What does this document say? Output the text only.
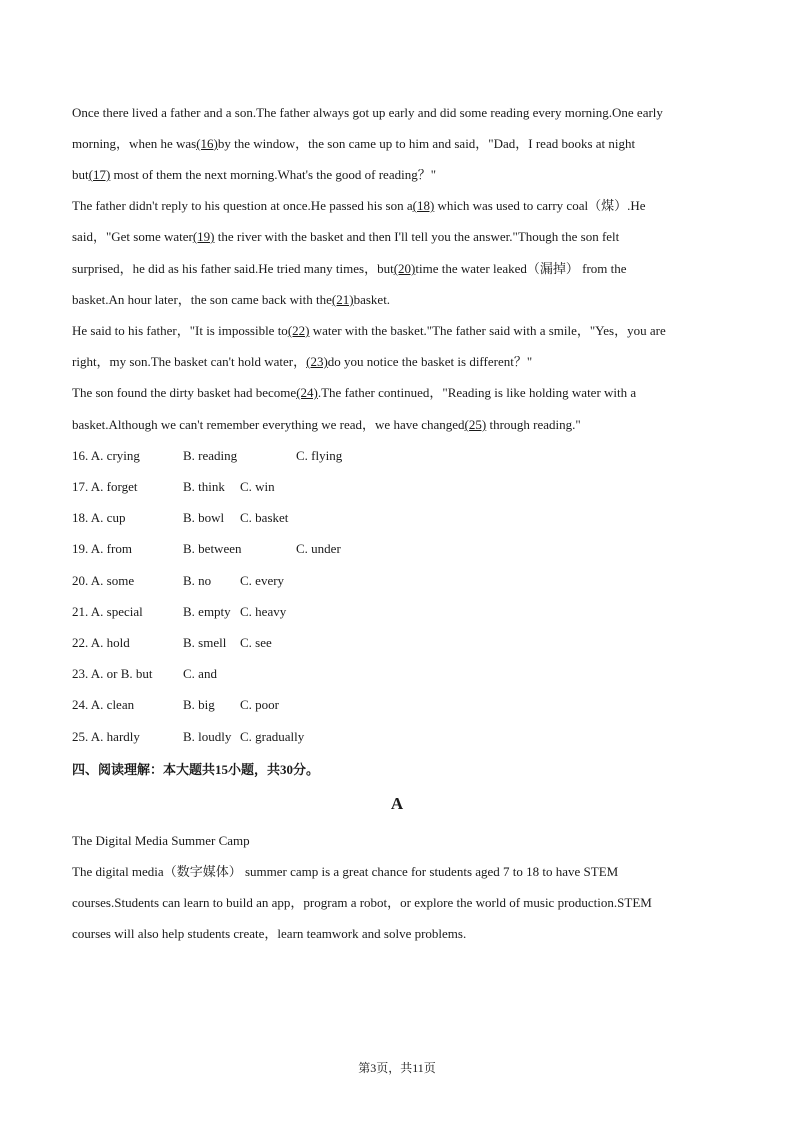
Once there lived a father and a son.The father always got up early and did some reading every morning.One early
morning，when he was(16)by the window，the son came up to him and said，"Dad，I read books at night
but(17) most of them the next morning.What's the good of reading？"
The father didn't reply to his question at once.He passed his son a(18) which was used to carry coal（煤）.He
said，"Get some water(19) the river with the basket and then I'll tell you the answer."Though the son felt
surprised，he did as his father said.He tried many times，but(20)time the water leaked（漏掉） from the
basket.An hour later，the son came back with the(21)basket.
He said to his father，"It is impossible to(22) water with the basket."The father said with a smile，"Yes，you are
right，my son.The basket can't hold water，(23)do you notice the basket is different？"
The son found the dirty basket had become(24).The father continued，"Reading is like holding water with a
basket.Although we can't remember everything we read，we have changed(25) through reading."
16. A. crying	B. reading	C. flying
17. A. forget	B. think C. win
18. A. cup	B. bowl C. basket
19. A. from	B. between	C. under
20. A. some	B. no C. every
21. A. special	B. empty C. heavy
22. A. hold	B. smell C. see
23. A. or B. but C. and
24. A. clean	B. big C. poor
25. A. hardly	B. loudly C. gradually
四、阅读理解：本大题共15小题，共30分。
A
The Digital Media Summer Camp
The digital media（数字媒体） summer camp is a great chance for students aged 7 to 18 to have STEM
courses.Students can learn to build an app，program a robot，or explore the world of music production.STEM
courses will also help students create，learn teamwork and solve problems.
第3页，共11页
